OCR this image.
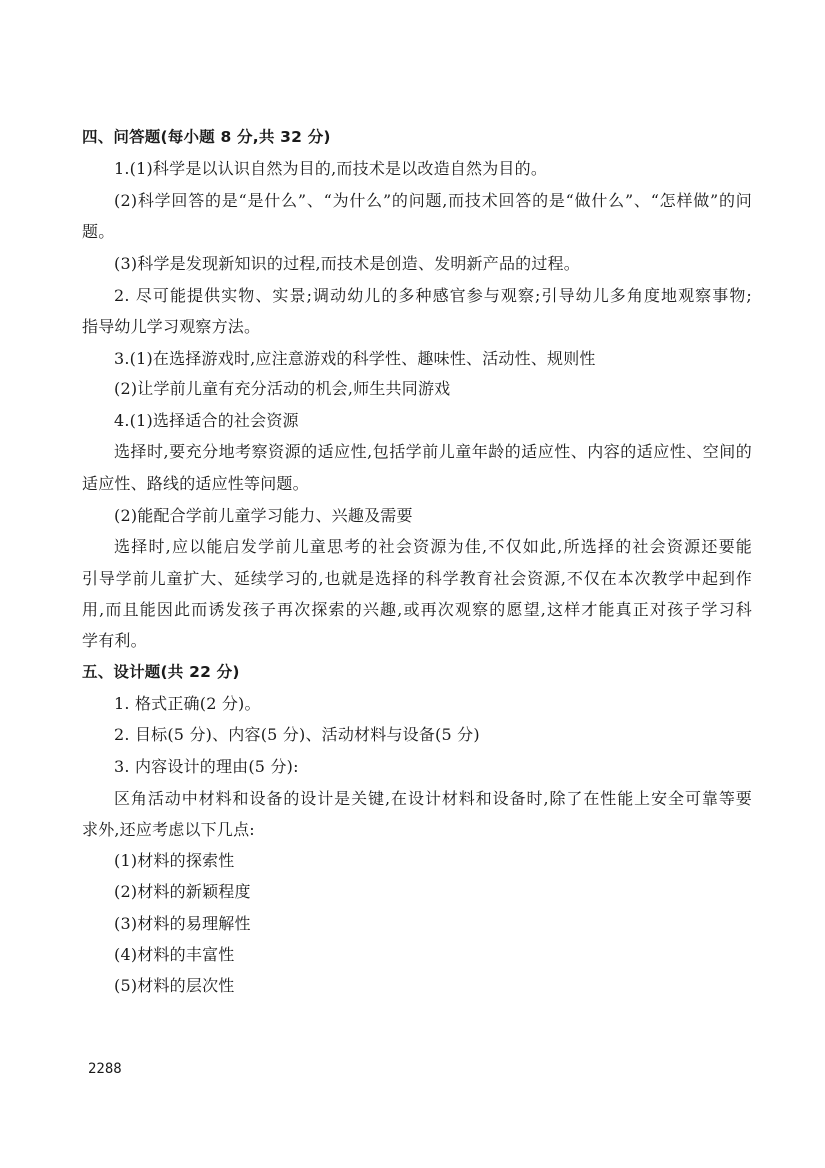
四、问答题(每小题 8 分,共 32 分)
1.(1)科学是以认识自然为目的,而技术是以改造自然为目的。
(2)科学回答的是“是什么”、“为什么”的问题,而技术回答的是“做什么”、“怎样做”的问
题。
(3)科学是发现新知识的过程,而技术是创造、发明新产品的过程。
2. 尽可能提供实物、实景;调动幼儿的多种感官参与观察;引导幼儿多角度地观察事物;
指导幼儿学习观察方法。
3.(1)在选择游戏时,应注意游戏的科学性、趣味性、活动性、规则性
(2)让学前儿童有充分活动的机会,师生共同游戏
4.(1)选择适合的社会资源
选择时,要充分地考察资源的适应性,包括学前儿童年龄的适应性、内容的适应性、空间的
适应性、路线的适应性等问题。
(2)能配合学前儿童学习能力、兴趣及需要
选择时,应以能启发学前儿童思考的社会资源为佳,不仅如此,所选择的社会资源还要能
引导学前儿童扩大、延续学习的,也就是选择的科学教育社会资源,不仅在本次教学中起到作
用,而且能因此而诱发孩子再次探索的兴趣,或再次观察的愿望,这样才能真正对孩子学习科
学有利。
五、设计题(共 22 分)
1. 格式正确(2 分)。
2. 目标(5 分)、内容(5 分)、活动材料与设备(5 分)
3. 内容设计的理由(5 分):
区角活动中材料和设备的设计是关键,在设计材料和设备时,除了在性能上安全可靠等要
求外,还应考虑以下几点:
(1)材料的探索性
(2)材料的新颖程度
(3)材料的易理解性
(4)材料的丰富性
(5)材料的层次性
2288
